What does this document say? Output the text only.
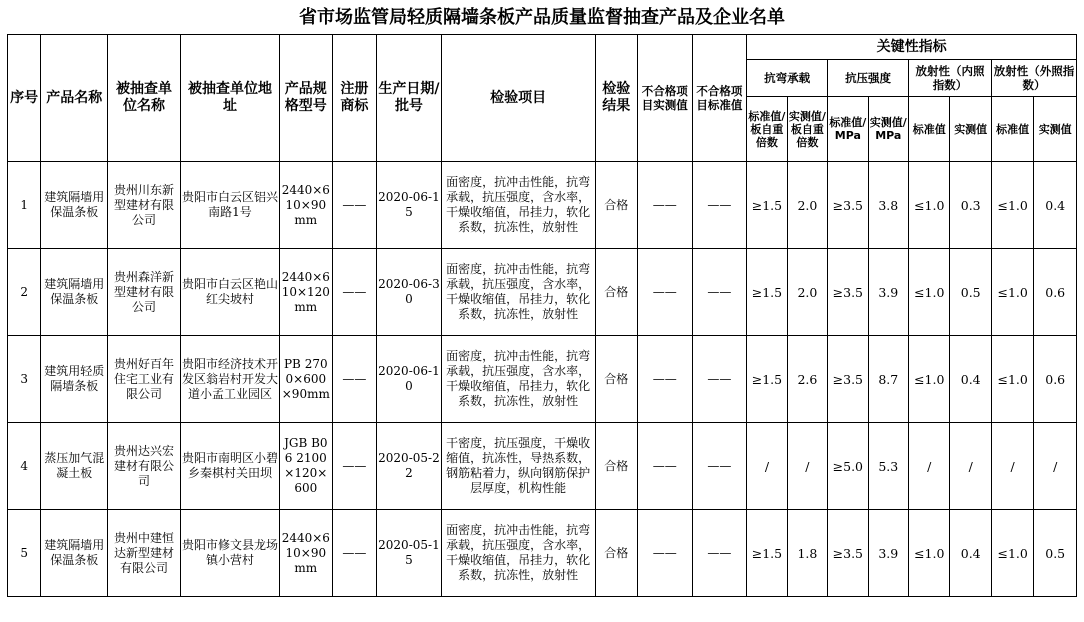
省市场监管局轻质隔墙条板产品质量监督抽查产品及企业名单
序号	产品名称	被抽查单位名称	被抽查单位地址	产品规格型号	注册商标	生产日期/批号	检验项目	检验结果	不合格项目实测值	不合格项目标准值	关键性指标							
											抗弯承载		抗压强度		放射性（内照指数）		放射性（外照指数）	
											标准值/板自重倍数	实测值/板自重倍数	标准值/MPa	实测值/MPa	标准值	实测值	标准值	实测值
1	建筑隔墙用保温条板	贵州川东新型建材有限公司	贵阳市白云区铝兴南路1号	2440×610×90mm	——	2020-06-15	面密度，抗冲击性能，抗弯承载，抗压强度，含水率，干燥收缩值，吊挂力，软化系数，抗冻性，放射性	合格	——	——	≥1.5	2.0	≥3.5	3.8	≤1.0	0.3	≤1.0	0.4
2	建筑隔墙用保温条板	贵州森洋新型建材有限公司	贵阳市白云区艳山红尖坡村	2440×610×120mm	——	2020-06-30	面密度，抗冲击性能，抗弯承载，抗压强度，含水率，干燥收缩值，吊挂力，软化系数，抗冻性，放射性	合格	——	——	≥1.5	2.0	≥3.5	3.9	≤1.0	0.5	≤1.0	0.6
3	建筑用轻质隔墙条板	贵州好百年住宅工业有限公司	贵阳市经济技术开发区翁岩村开发大道小孟工业园区	PB 2700×600×90mm	——	2020-06-10	面密度，抗冲击性能，抗弯承载，抗压强度，含水率，干燥收缩值，吊挂力，软化系数，抗冻性，放射性	合格	——	——	≥1.5	2.6	≥3.5	8.7	≤1.0	0.4	≤1.0	0.6
4	蒸压加气混凝土板	贵州达兴宏建材有限公司	贵阳市南明区小碧乡秦棋村关田坝	JGB B06 2100×120×600	——	2020-05-22	干密度，抗压强度，干燥收缩值，抗冻性，导热系数，钢筋粘着力，纵向钢筋保护层厚度，机构性能	合格	——	——	/	/	≥5.0	5.3	/	/	/	/
5	建筑隔墙用保温条板	贵州中建恒达新型建材有限公司	贵阳市修文县龙场镇小营村	2440×610×90mm	——	2020-05-15	面密度，抗冲击性能，抗弯承载，抗压强度，含水率，干燥收缩值，吊挂力，软化系数，抗冻性，放射性	合格	——	——	≥1.5	1.8	≥3.5	3.9	≤1.0	0.4	≤1.0	0.5
